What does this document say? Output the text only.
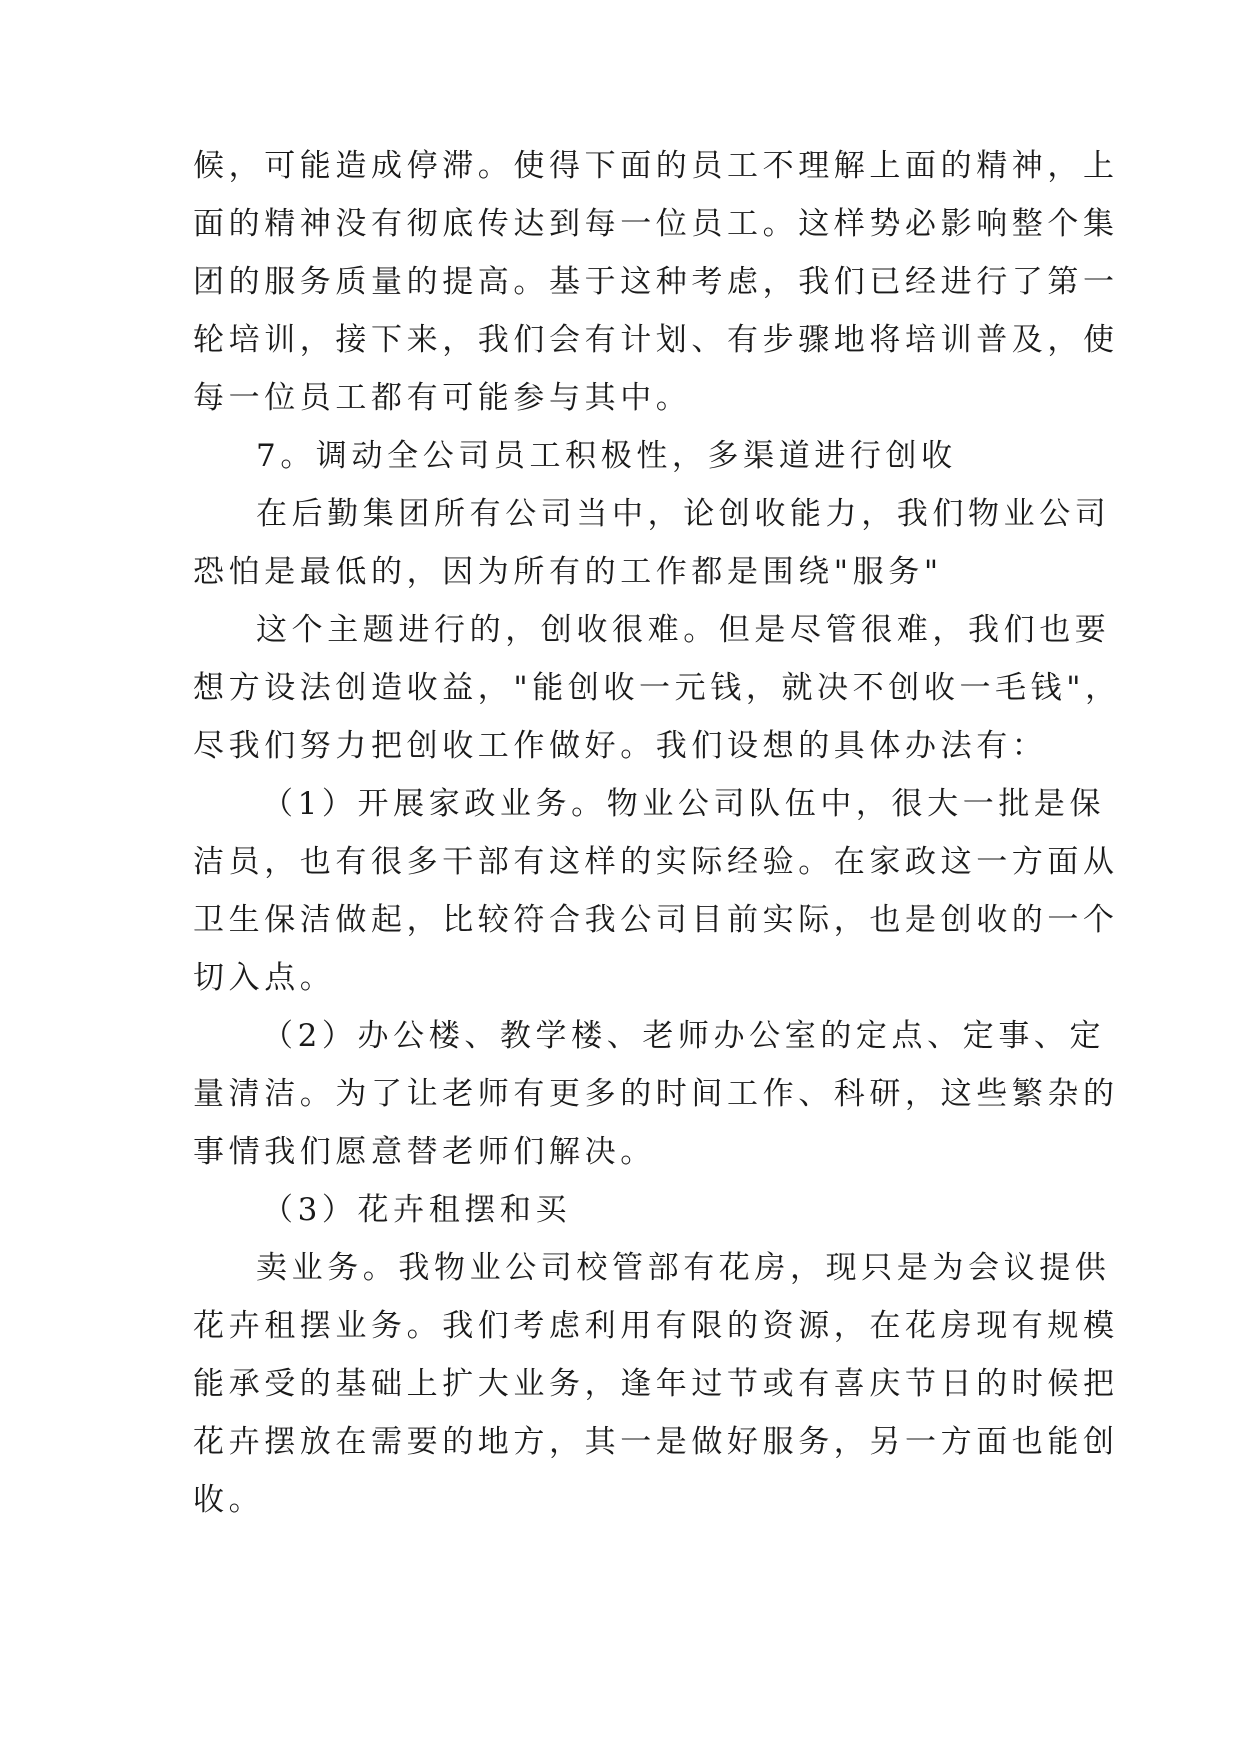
候，可能造成停滞。使得下面的员工不理解上面的精神，上
面的精神没有彻底传达到每一位员工。这样势必影响整个集
团的服务质量的提高。基于这种考虑，我们已经进行了第一
轮培训，接下来，我们会有计划、有步骤地将培训普及，使
每一位员工都有可能参与其中。
7。调动全公司员工积极性，多渠道进行创收
在后勤集团所有公司当中，论创收能力，我们物业公司
恐怕是最低的，因为所有的工作都是围绕"服务"
这个主题进行的，创收很难。但是尽管很难，我们也要
想方设法创造收益，"能创收一元钱，就决不创收一毛钱"，
尽我们努力把创收工作做好。我们设想的具体办法有：
（1）开展家政业务。物业公司队伍中，很大一批是保
洁员，也有很多干部有这样的实际经验。在家政这一方面从
卫生保洁做起，比较符合我公司目前实际，也是创收的一个
切入点。
（2）办公楼、教学楼、老师办公室的定点、定事、定
量清洁。为了让老师有更多的时间工作、科研，这些繁杂的
事情我们愿意替老师们解决。
（3）花卉租摆和买
卖业务。我物业公司校管部有花房，现只是为会议提供
花卉租摆业务。我们考虑利用有限的资源，在花房现有规模
能承受的基础上扩大业务，逢年过节或有喜庆节日的时候把
花卉摆放在需要的地方，其一是做好服务，另一方面也能创
收。
